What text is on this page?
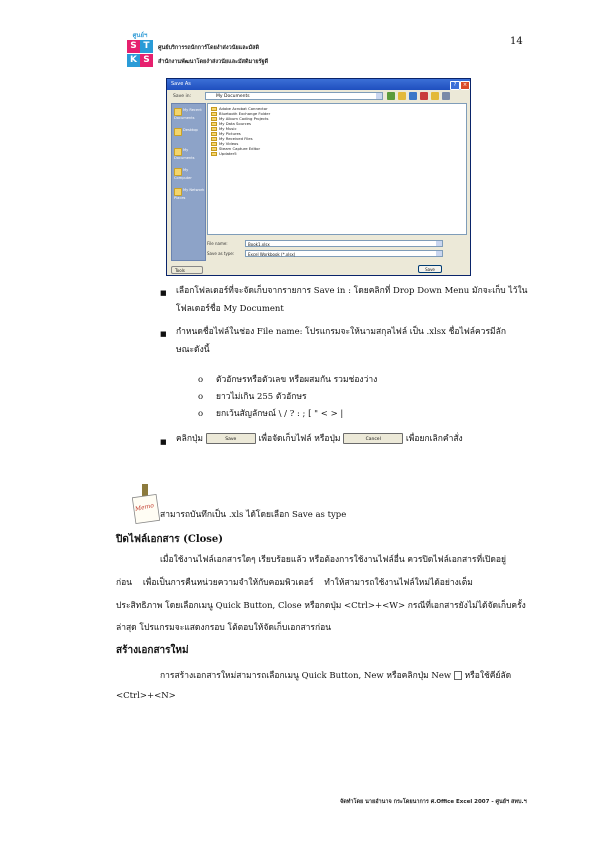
14
ศูนย์ฯ
S T
K S
ศูนย์บริการรถนักการ์โดยงำส่งวนัยและมัสดิ
สำนักงานพัฒนาโดยงำส่งวนัยและมัสดิมายรัฐดี
Save As	?	×
Save in:	My Documents
My Recent Documents
Desktop
My Documents
My Computer
My Network Places
Adobe Acrobat Connector
Bluetooth Exchange Folder
My Album Coding Projects
My Data Sources
My Music
My Pictures
My Received Files
My Videos
Steam Capture Editor
Updater5
File name:	Book1.xlsx
Save as type:	Excel Workbook (*.xlsx)
Tools	Save
■ เลือกโฟลเดอร์ที่จะจัดเก็บจากรายการ Save in : โดยคลิกที่ Drop Down Menu มักจะเก็บ ไว้ใน
โฟลเดอร์ชื่อ My Document
■ กำหนดชื่อไฟล์ในช่อง File name: โปรแกรมจะให้นามสกุลไฟล์ เป็น .xlsx ชื่อไฟล์ควรมีลัก
ษณะดังนี้
o ตัวอักษรหรือตัวเลข หรือผสมกัน รวมช่องว่าง
o ยาวไม่เกิน 255 ตัวอักษร
o ยกเว้นสัญลักษณ์ \ / ? : ; [ " < > |
■ คลิกปุ่ม	Save	เพื่อจัดเก็บไฟล์ หรือปุ่ม	Cancel	เพื่อยกเลิกคำสั่ง
Memo
สามารถบันทึกเป็น .xls ได้โดยเลือก Save as type
ปิดไฟล์เอกสาร (Close)
เมื่อใช้งานไฟล์เอกสารใดๆ เรียบร้อยแล้ว หรือต้องการใช้งานไฟล์อื่น ควรปิดไฟล์เอกสารที่เปิดอยู่
ก่อน    เพื่อเป็นการคืนหน่วยความจำให้กับคอมพิวเตอร์    ทำให้สามารถใช้งานไฟล์ใหม่ได้อย่างเต็ม
ประสิทธิภาพ โดยเลือกเมนู Quick Button, Close หรือกดปุ่ม <Ctrl>+<W> กรณีที่เอกสารยังไม่ได้จัดเก็บครั้ง
ล่าสุด โปรแกรมจะแสดงกรอบ โต้ตอบให้จัดเก็บเอกสารก่อน
สร้างเอกสารใหม่
การสร้างเอกสารใหม่สามารถเลือกเมนู Quick Button, New หรือคลิกปุ่ม New หรือใช้คีย์ลัด
<Ctrl>+<N>
จัดทำโดย นายอำนาจ กระโดยนาการ ศ.Office Excel 2007 - ศูนย์ฯ สทบ.ฯ
